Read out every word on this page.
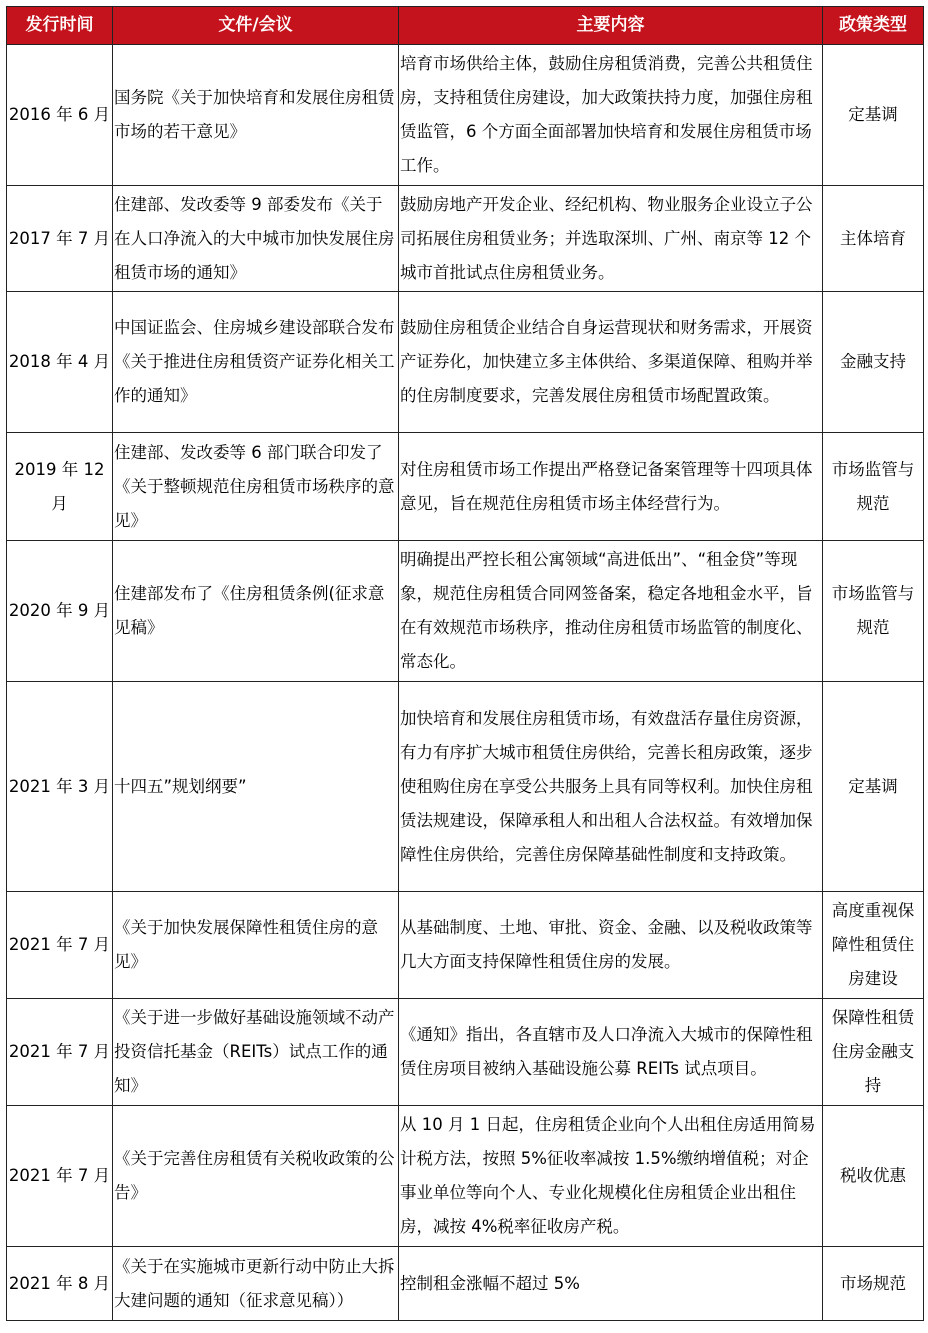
发行时间	文件/会议	主要内容	政策类型
2016 年 6 月	国务院《关于加快培育和发展住房租赁市场的若干意见》	培育市场供给主体，鼓励住房租赁消费，完善公共租赁住房，支持租赁住房建设，加大政策扶持力度，加强住房租赁监管，6 个方面全面部署加快培育和发展住房租赁市场工作。	定基调
2017 年 7 月	住建部、发改委等 9 部委发布《关于在人口净流入的大中城市加快发展住房租赁市场的通知》	鼓励房地产开发企业、经纪机构、物业服务企业设立子公司拓展住房租赁业务；并选取深圳、广州、南京等 12 个城市首批试点住房租赁业务。	主体培育
2018 年 4 月	中国证监会、住房城乡建设部联合发布《关于推进住房租赁资产证券化相关工作的通知》	鼓励住房租赁企业结合自身运营现状和财务需求，开展资产证券化，加快建立多主体供给、多渠道保障、租购并举的住房制度要求，完善发展住房租赁市场配置政策。	金融支持
2019 年 12 月	住建部、发改委等 6 部门联合印发了《关于整顿规范住房租赁市场秩序的意见》	对住房租赁市场工作提出严格登记备案管理等十四项具体意见，旨在规范住房租赁市场主体经营行为。	市场监管与规范
2020 年 9 月	住建部发布了《住房租赁条例(征求意见稿》	明确提出严控长租公寓领域“高进低出”、“租金贷”等现象，规范住房租赁合同网签备案，稳定各地租金水平，旨在有效规范市场秩序，推动住房租赁市场监管的制度化、常态化。	市场监管与规范
2021 年 3 月	十四五”规划纲要”	加快培育和发展住房租赁市场，有效盘活存量住房资源，有力有序扩大城市租赁住房供给，完善长租房政策，逐步使租购住房在享受公共服务上具有同等权利。加快住房租赁法规建设，保障承租人和出租人合法权益。有效增加保障性住房供给，完善住房保障基础性制度和支持政策。	定基调
2021 年 7 月	《关于加快发展保障性租赁住房的意见》	从基础制度、土地、审批、资金、金融、以及税收政策等几大方面支持保障性租赁住房的发展。	高度重视保障性租赁住房建设
2021 年 7 月	《关于进一步做好基础设施领域不动产投资信托基金（REITs）试点工作的通知》	《通知》指出，各直辖市及人口净流入大城市的保障性租赁住房项目被纳入基础设施公募 REITs 试点项目。	保障性租赁住房金融支持
2021 年 7 月	《关于完善住房租赁有关税收政策的公告》	从 10 月 1 日起，住房租赁企业向个人出租住房适用简易计税方法，按照 5%征收率减按 1.5%缴纳增值税；对企事业单位等向个人、专业化规模化住房租赁企业出租住房，减按 4%税率征收房产税。	税收优惠
2021 年 8 月	《关于在实施城市更新行动中防止大拆大建问题的通知（征求意见稿））	控制租金涨幅不超过 5%	市场规范
